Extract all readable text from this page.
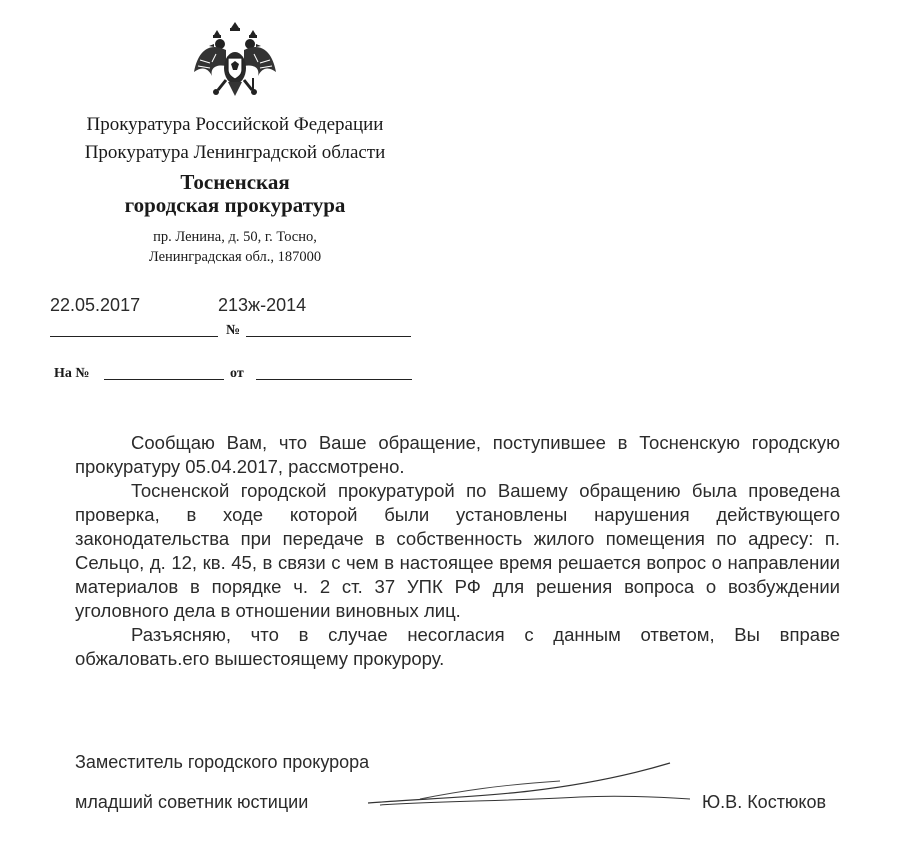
Прокуратура Российской Федерации
Прокуратура Ленинградской области
Тосненская
городская прокуратура
пр. Ленина, д. 50, г. Тосно,
Ленинградская обл., 187000
22.05.2017	213ж-2014
№
На №	от

Сообщаю Вам, что Ваше обращение, поступившее в Тосненскую городскую прокуратуру 05.04.2017, рассмотрено.

Тосненской городской прокуратурой по Вашему обращению была проведена проверка, в ходе которой были установлены нарушения действующего законодательства при передаче в собственность жилого помещения по адресу: п. Сельцо, д. 12, кв. 45, в связи с чем в настоящее время решается вопрос о направлении материалов в порядке ч. 2 ст. 37 УПК РФ для решения вопроса о возбуждении уголовного дела в отношении виновных лиц.

Разъясняю, что в случае несогласия с данным ответом, Вы вправе обжаловать.его вышестоящему прокурору.

Заместитель городского прокурора
младший советник юстиции	Ю.В. Костюков
